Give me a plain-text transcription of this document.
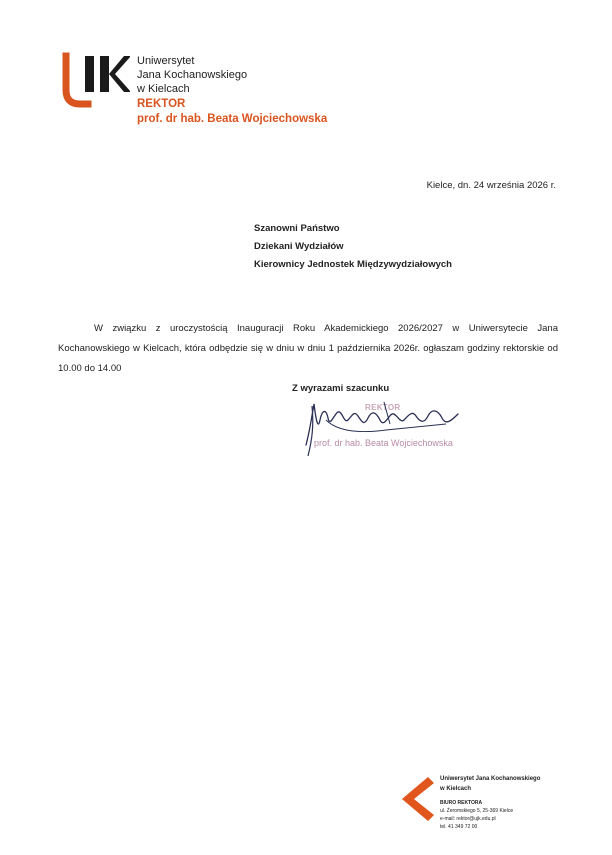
Uniwersytet
Jana Kochanowskiego
w Kielcach
REKTOR
prof. dr hab. Beata Wojciechowska
Kielce, dn. 24 września 2026 r.
Szanowni Państwo
Dziekani Wydziałów
Kierownicy Jednostek Międzywydziałowych
W związku z uroczystością Inauguracji Roku Akademickiego 2026/2027 w Uniwersytecie Jana Kochanowskiego w Kielcach, która odbędzie się w dniu w dniu 1 października 2026r. ogłaszam godziny rektorskie od 10.00 do 14.00
Z wyrazami szacunku
REKTOR
prof. dr hab. Beata Wojciechowska
Uniwersytet Jana Kochanowskiego
w Kielcach
BIURO REKTORA
ul. Żeromskiego 5, 25-369 Kielce
e-mail: rektor@ujk.edu.pl
tel. 41 349 72 00
